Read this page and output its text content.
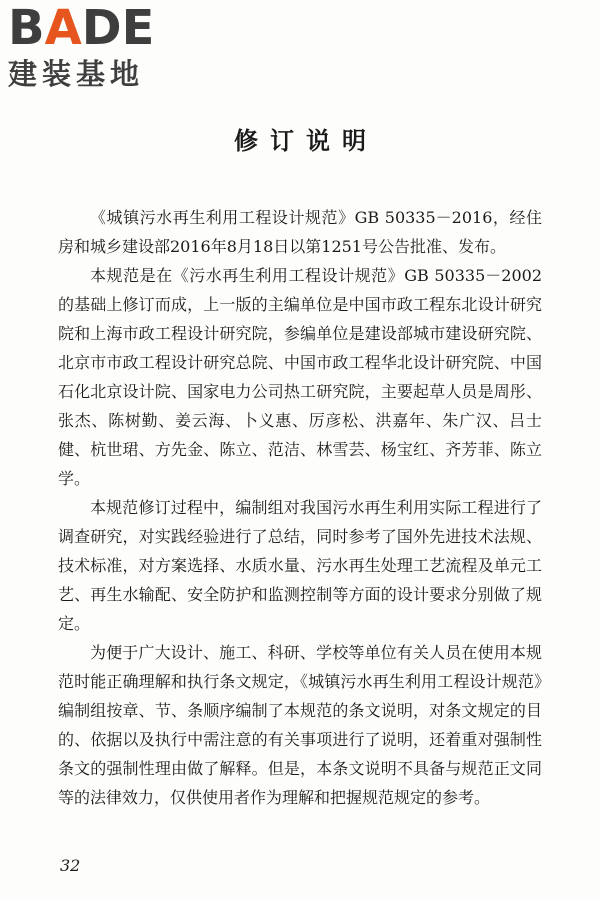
BADE
建装基地
修订说明

《城镇污水再生利用工程设计规范》GB 50335－2016，经住房和城乡建设部2016年8月18日以第1251号公告批准、发布。

本规范是在《污水再生利用工程设计规范》GB 50335－2002的基础上修订而成，上一版的主编单位是中国市政工程东北设计研究院和上海市政工程设计研究院，参编单位是建设部城市建设研究院、北京市市政工程设计研究总院、中国市政工程华北设计研究院、中国石化北京设计院、国家电力公司热工研究院，主要起草人员是周彤、张杰、陈树勤、姜云海、卜义惠、厉彦松、洪嘉年、朱广汉、吕士健、杭世珺、方先金、陈立、范洁、林雪芸、杨宝红、齐芳菲、陈立学。

本规范修订过程中，编制组对我国污水再生利用实际工程进行了调查研究，对实践经验进行了总结，同时参考了国外先进技术法规、技术标准，对方案选择、水质水量、污水再生处理工艺流程及单元工艺、再生水输配、安全防护和监测控制等方面的设计要求分别做了规定。

为便于广大设计、施工、科研、学校等单位有关人员在使用本规范时能正确理解和执行条文规定，《城镇污水再生利用工程设计规范》编制组按章、节、条顺序编制了本规范的条文说明，对条文规定的目的、依据以及执行中需注意的有关事项进行了说明，还着重对强制性条文的强制性理由做了解释。但是，本条文说明不具备与规范正文同等的法律效力，仅供使用者作为理解和把握规范规定的参考。

32
